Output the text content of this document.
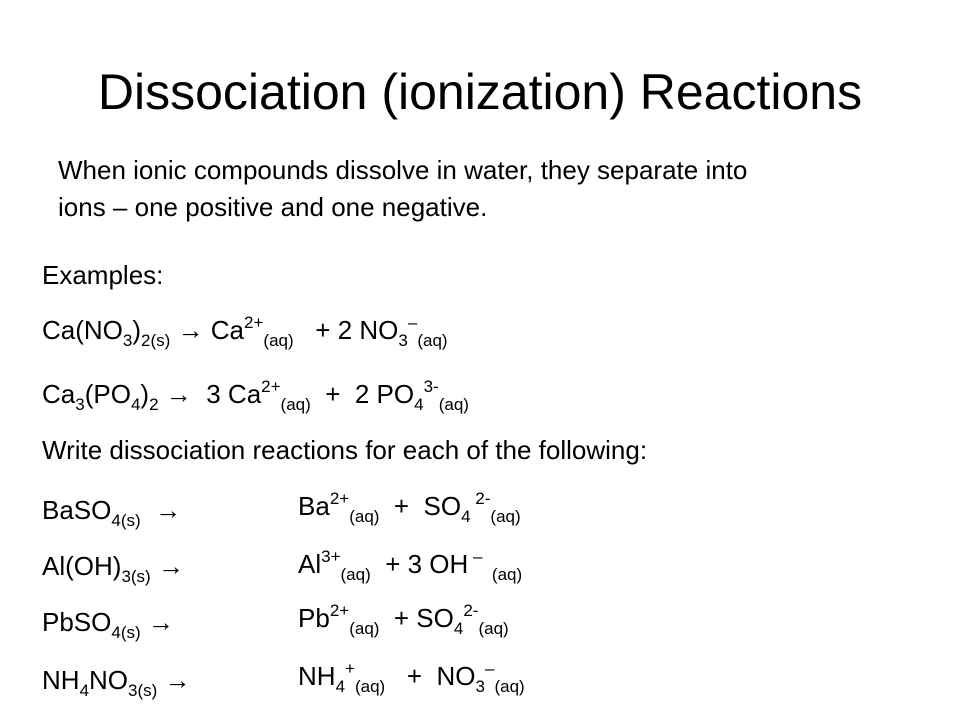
Dissociation (ionization) Reactions
When ionic compounds dissolve in water, they separate into
ions – one positive and one negative.
Examples:
$Ca(NO_3)_{2(s)} \to Ca^{2+}_{(aq)} + 2$ $NO_3^-_{(aq)}$
$Ca_3(PO_4)_2 \to 3$ $Ca^{2+}_{(aq)} + 2$ $PO_4^{3-}_{(aq)}$
Write dissociation reactions for each of the following:
BaSO$_{4(s)}$  →	$Ba^{2+}_{(aq)} + SO_4$ $^{2-}_{(aq)}$
$Al(OH)_{3(s)}$ →	$Al^{3+}_{(aq)} + 3$ OH –  $_{(aq)}$
PbSO$_{4(s)}$ →	$Pb^{2+}_{(aq)} + SO_4^{2-}_{(aq)}$
$NH_4NO_{3(s)}$ →	$NH_4^+_{(aq)} + NO_3^-_{(aq)}$
